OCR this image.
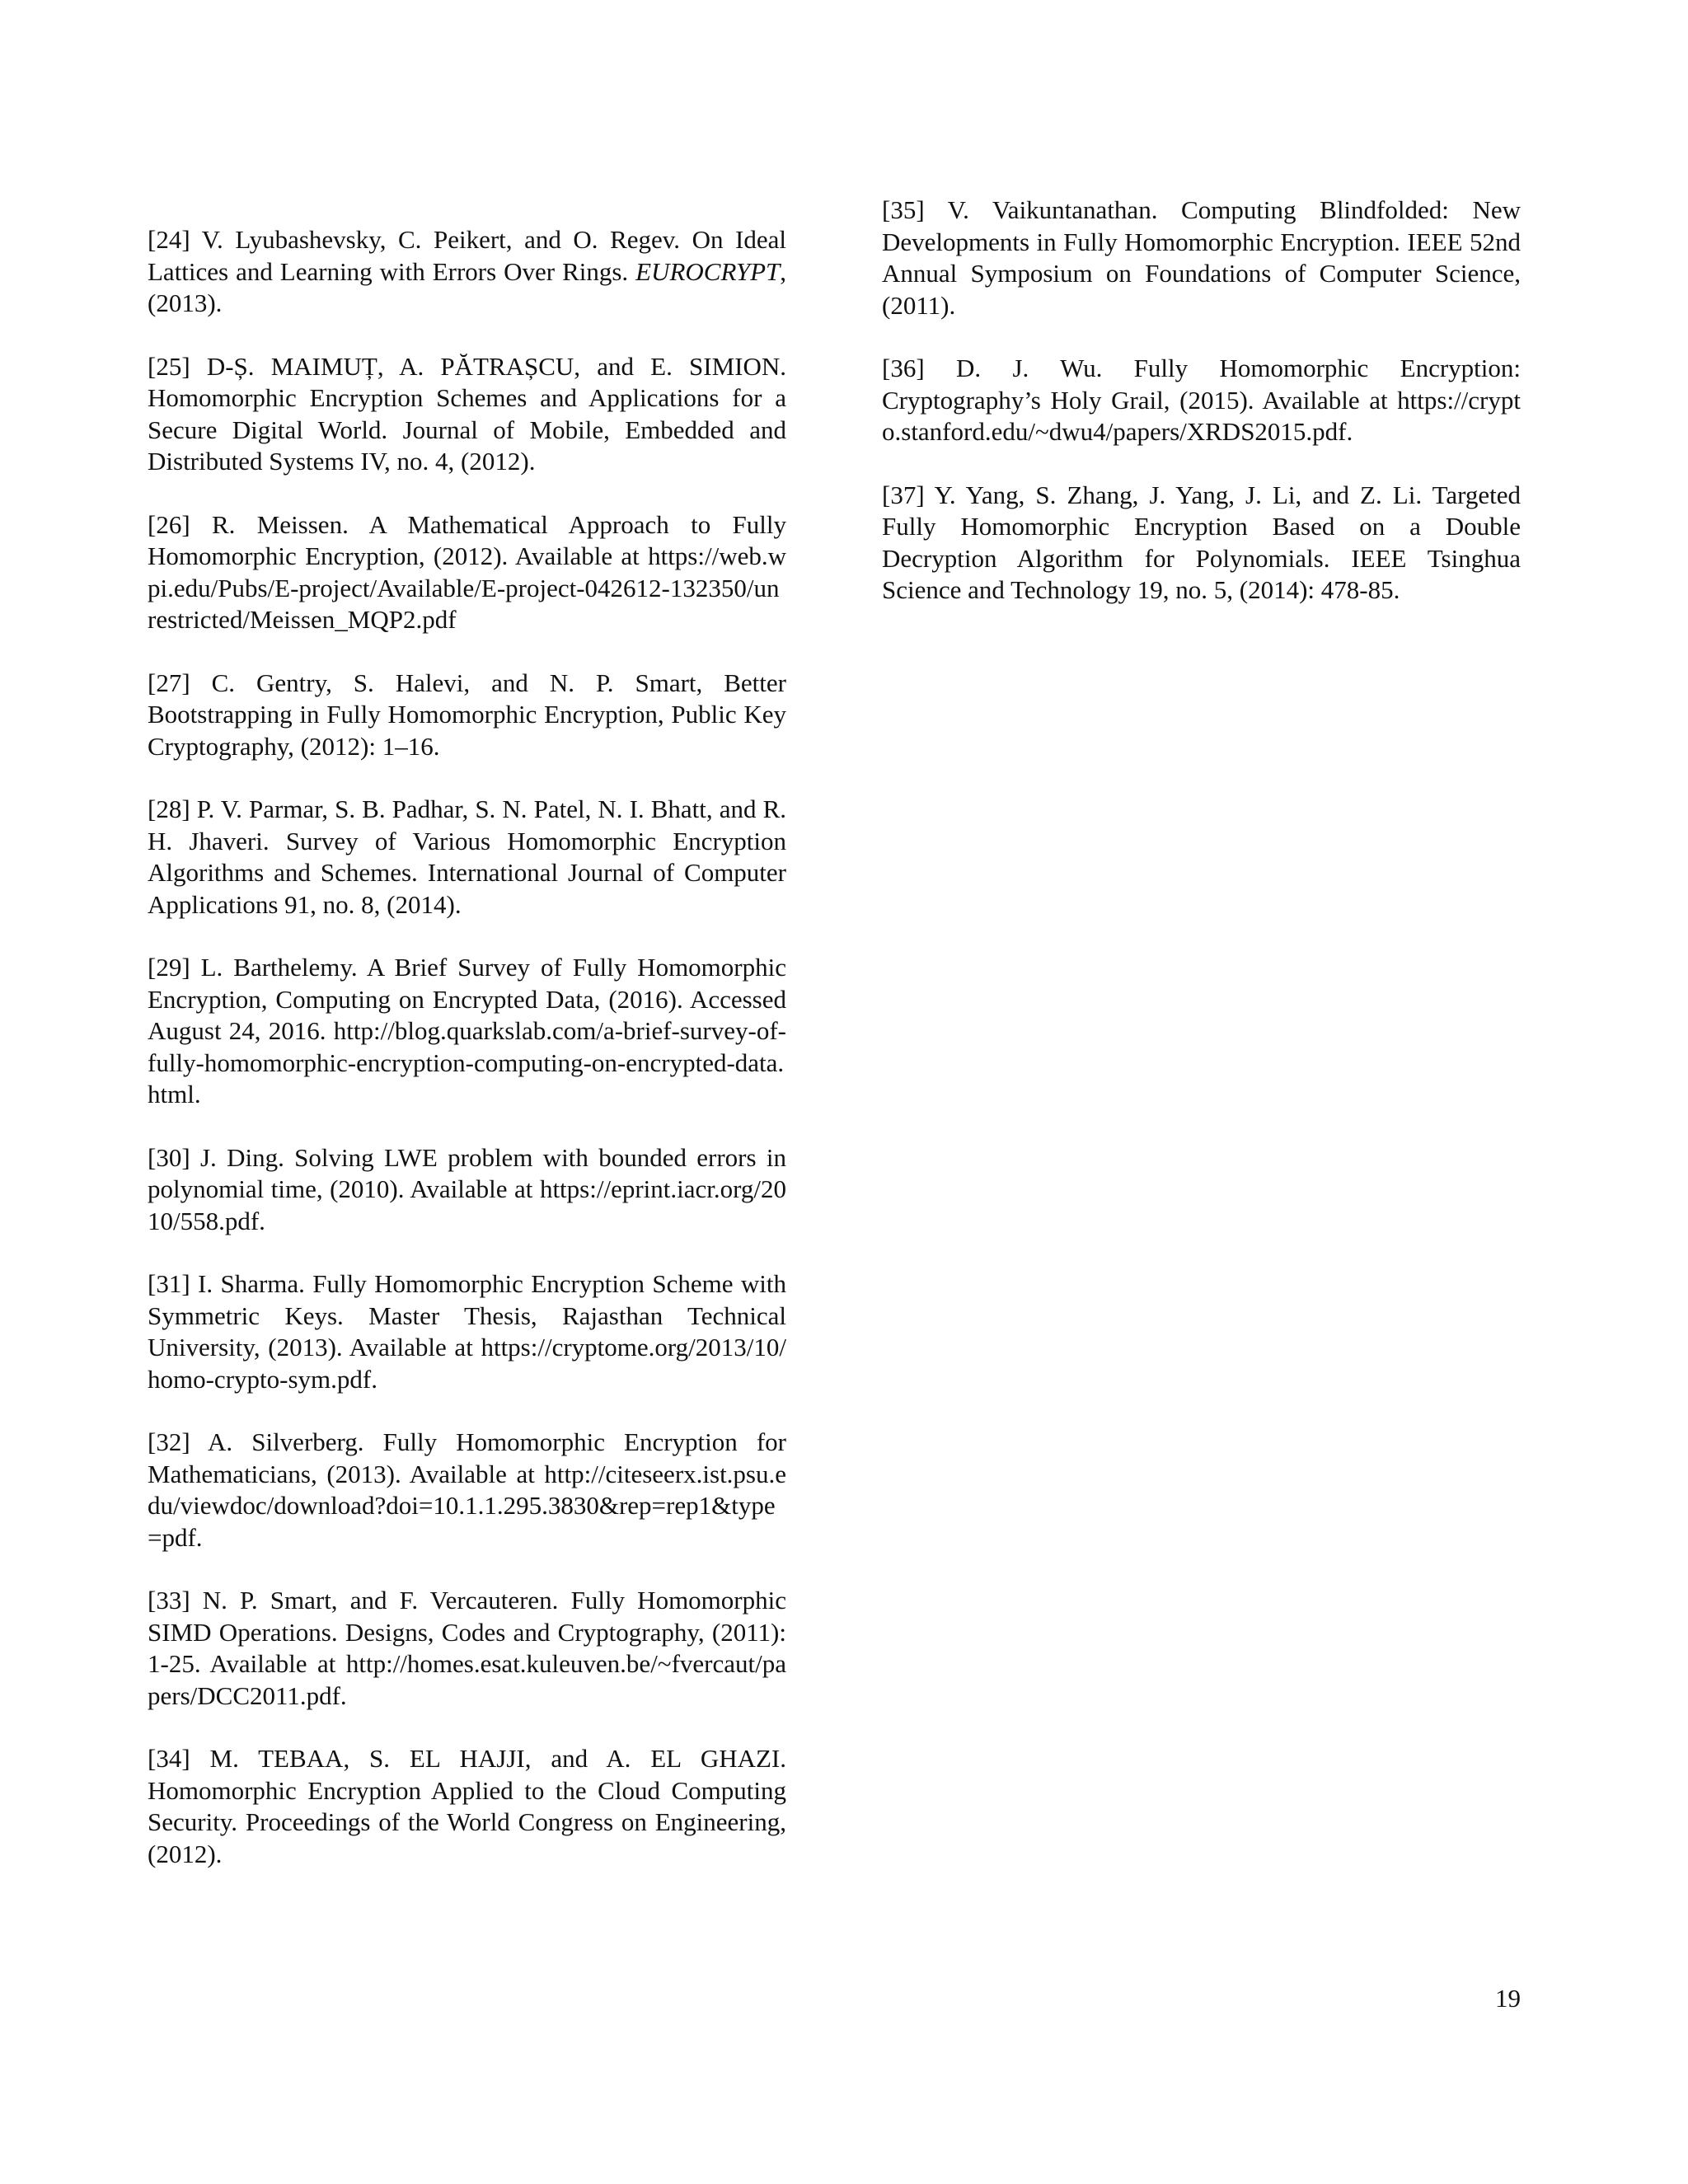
[24] V. Lyubashevsky, C. Peikert, and O. Regev. On Ideal Lattices and Learning with Errors Over Rings. EUROCRYPT, (2013).

[25] D-Ș. MAIMUȚ, A. PĂTRAȘCU, and E. SIMION. Homomorphic Encryption Schemes and Applications for a Secure Digital World. Journal of Mobile, Embedded and Distributed Systems IV, no. 4, (2012).

[26] R. Meissen. A Mathematical Approach to Fully Homomorphic Encryption, (2012). Available at https://web.wpi.edu/Pubs/E-project/Available/E-project-042612-132350/unrestricted/Meissen_MQP2.pdf

[27] C. Gentry, S. Halevi, and N. P. Smart, Better Bootstrapping in Fully Homomorphic Encryption, Public Key Cryptography, (2012): 1–16.

[28] P. V. Parmar, S. B. Padhar, S. N. Patel, N. I. Bhatt, and R. H. Jhaveri. Survey of Various Homomorphic Encryption Algorithms and Schemes. International Journal of Computer Applications 91, no. 8, (2014).

[29] L. Barthelemy. A Brief Survey of Fully Homomorphic Encryption, Computing on Encrypted Data, (2016). Accessed August 24, 2016. http://blog.quarkslab.com/a-brief-survey-of-fully-homomorphic-encryption-computing-on-encrypted-data.html.

[30] J. Ding. Solving LWE problem with bounded errors in polynomial time, (2010). Available at https://eprint.iacr.org/2010/558.pdf.

[31] I. Sharma. Fully Homomorphic Encryption Scheme with Symmetric Keys. Master Thesis, Rajasthan Technical University, (2013). Available at https://cryptome.org/2013/10/homo-crypto-sym.pdf.

[32] A. Silverberg. Fully Homomorphic Encryption for Mathematicians, (2013). Available at http://citeseerx.ist.psu.edu/viewdoc/download?doi=10.1.1.295.3830&rep=rep1&type=pdf.

[33] N. P. Smart, and F. Vercauteren. Fully Homomorphic SIMD Operations. Designs, Codes and Cryptography, (2011): 1-25. Available at http://homes.esat.kuleuven.be/~fvercaut/papers/DCC2011.pdf.

[34] M. TEBAA, S. EL HAJJI, and A. EL GHAZI. Homomorphic Encryption Applied to the Cloud Computing Security. Proceedings of the World Congress on Engineering, (2012).

[35] V. Vaikuntanathan. Computing Blindfolded: New Developments in Fully Homomorphic Encryption. IEEE 52nd Annual Symposium on Foundations of Computer Science, (2011).

[36] D. J. Wu. Fully Homomorphic Encryption: Cryptography’s Holy Grail, (2015). Available at https://crypto.stanford.edu/~dwu4/papers/XRDS2015.pdf.

[37] Y. Yang, S. Zhang, J. Yang, J. Li, and Z. Li. Targeted Fully Homomorphic Encryption Based on a Double Decryption Algorithm for Polynomials. IEEE Tsinghua Science and Technology 19, no. 5, (2014): 478-85.

19
